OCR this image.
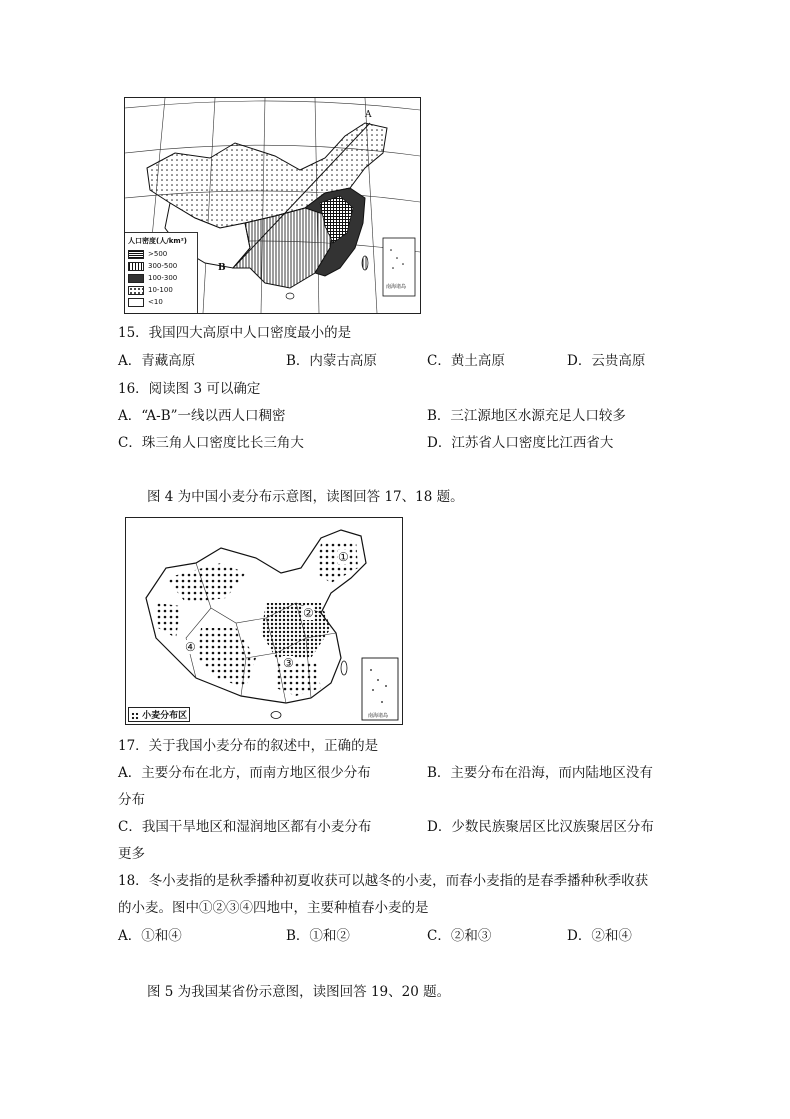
A
B
南海诸岛
人口密度(人/km²)
>500
300-500
100-300
10-100
<10
15．我国四大高原中人口密度最小的是
A．青藏高原	B．内蒙古高原	C．黄土高原	D．云贵高原
16．阅读图 3 可以确定
A．“A-B”一线以西人口稠密	B．三江源地区水源充足人口较多
C．珠三角人口密度比长三角大	D．江苏省人口密度比江西省大
图 4 为中国小麦分布示意图，读图回答 17、18 题。
①
②
③
④
南海诸岛
小麦分布区
17．关于我国小麦分布的叙述中，正确的是
A．主要分布在北方，而南方地区很少分布	B．主要分布在沿海，而内陆地区没有
分布
C．我国干旱地区和湿润地区都有小麦分布	D．少数民族聚居区比汉族聚居区分布
更多
18．冬小麦指的是秋季播种初夏收获可以越冬的小麦，而春小麦指的是春季播种秋季收获
的小麦。图中①②③④四地中，主要种植春小麦的是
A．①和④	B．①和②	C．②和③	D．②和④
图 5 为我国某省份示意图，读图回答 19、20 题。
